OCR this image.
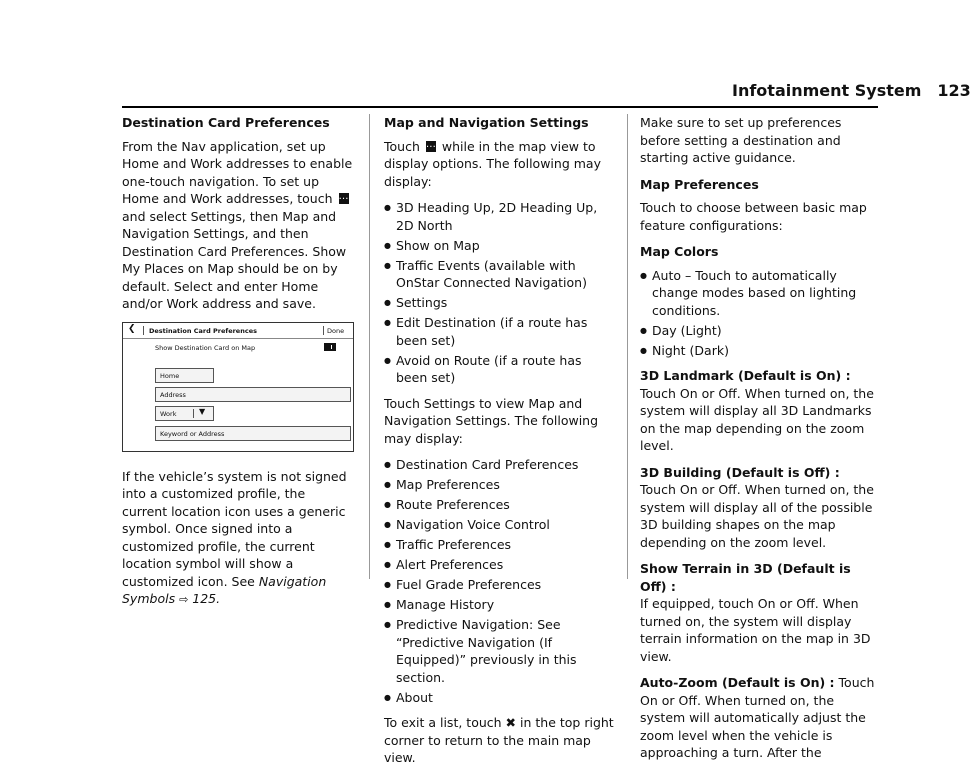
Infotainment System 123

Destination Card Preferences

From the Nav application, set up Home and Work addresses to enable one-touch navigation. To set up Home and Work addresses, touch … and select Settings, then Map and Navigation Settings, and then Destination Card Preferences. Show My Places on Map should be on by default. Select and enter Home and/or Work address and save.

❮ Destination Card Preferences	Done
Show Destination Card on Map
Home
Address
Work	▼
Keyword or Address

If the vehicle’s system is not signed into a customized profile, the current location icon uses a generic symbol. Once signed into a customized profile, the current location symbol will show a customized icon. See Navigation Symbols ⇨ 125.

Map and Navigation Settings

Touch … while in the map view to display options. The following may display:

● 3D Heading Up, 2D Heading Up, 2D North
● Show on Map
● Traffic Events (available with OnStar Connected Navigation)
● Settings
● Edit Destination (if a route has been set)
● Avoid on Route (if a route has been set)

Touch Settings to view Map and Navigation Settings. The following may display:

● Destination Card Preferences
● Map Preferences
● Route Preferences
● Navigation Voice Control
● Traffic Preferences
● Alert Preferences
● Fuel Grade Preferences
● Manage History
● Predictive Navigation: See “Predictive Navigation (If Equipped)” previously in this section.
● About

To exit a list, touch ✖ in the top right corner to return to the main map view.

Make sure to set up preferences before setting a destination and starting active guidance.

Map Preferences

Touch to choose between basic map feature configurations:

Map Colors

● Auto – Touch to automatically change modes based on lighting conditions.
● Day (Light)
● Night (Dark)

3D Landmark (Default is On) : Touch On or Off. When turned on, the system will display all 3D Landmarks on the map depending on the zoom level.

3D Building (Default is Off) : Touch On or Off. When turned on, the system will display all of the possible 3D building shapes on the map depending on the zoom level.

Show Terrain in 3D (Default is Off) :
If equipped, touch On or Off. When turned on, the system will display terrain information on the map in 3D view.

Auto-Zoom (Default is On) : Touch On or Off. When turned on, the system will automatically adjust the zoom level when the vehicle is approaching a turn. After the
